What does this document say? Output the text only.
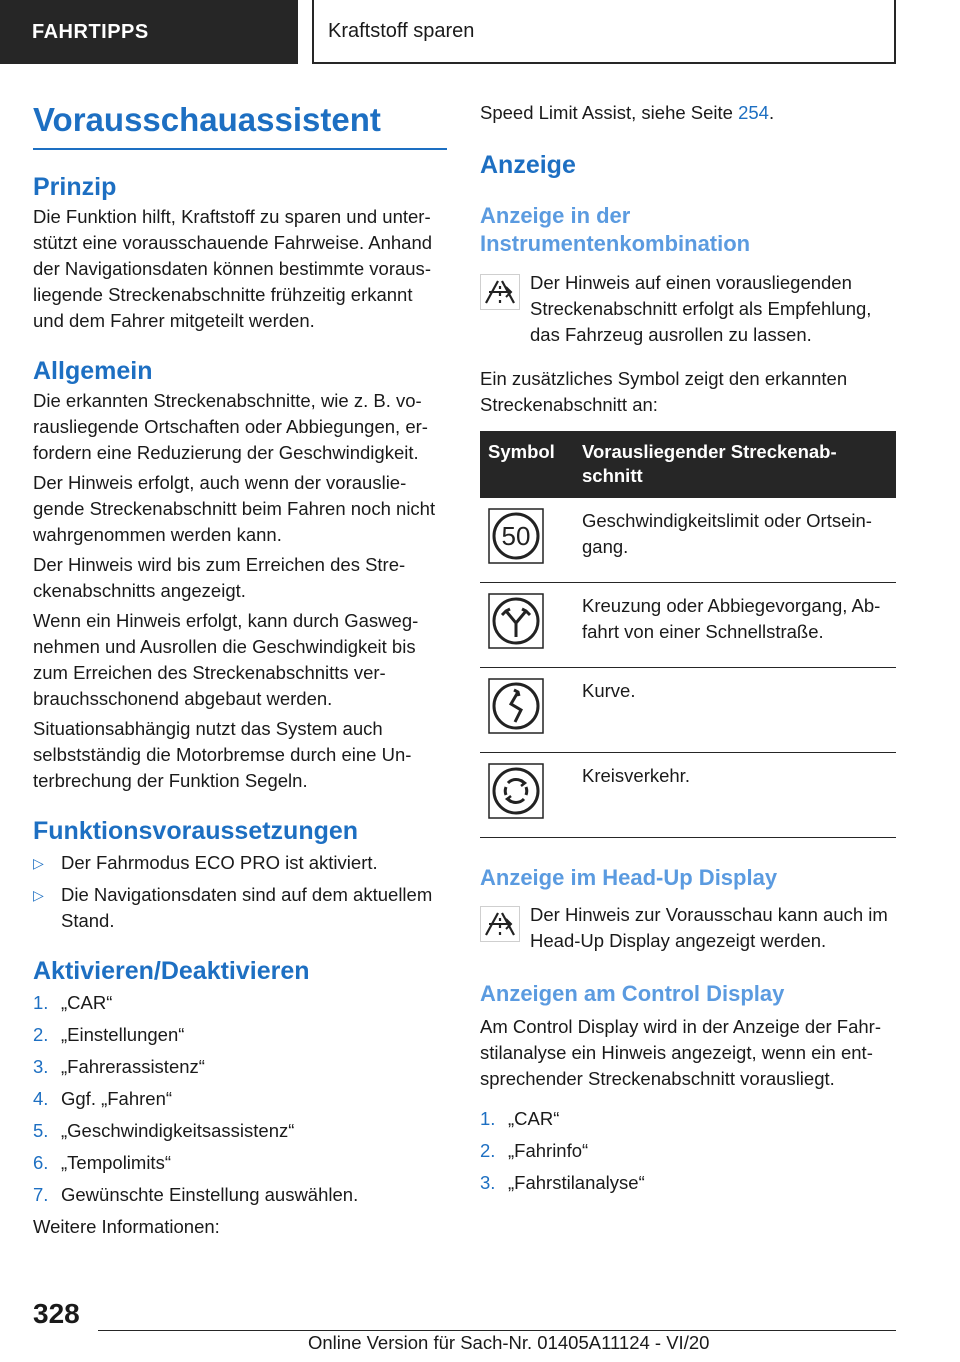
FAHRTIPPS	Kraftstoff sparen
Vorausschauassistent
Prinzip

Die Funktion hilft, Kraftstoff zu sparen und unterstützt eine vorausschauende Fahrweise. Anhand der Navigationsdaten können bestimmte vorausliegende Streckenabschnitte frühzeitig erkannt und dem Fahrer mitgeteilt werden.

Allgemein

Die erkannten Streckenabschnitte, wie z. B. vorausliegende Ortschaften oder Abbiegungen, erfordern eine Reduzierung der Geschwindigkeit.

Der Hinweis erfolgt, auch wenn der vorausliegende Streckenabschnitt beim Fahren noch nicht wahrgenommen werden kann.

Der Hinweis wird bis zum Erreichen des Streckenabschnitts angezeigt.

Wenn ein Hinweis erfolgt, kann durch Gaswegnehmen und Ausrollen die Geschwindigkeit bis zum Erreichen des Streckenabschnitts verbrauchsschonend abgebaut werden.

Situationsabhängig nutzt das System auch selbstständig die Motorbremse durch eine Unterbrechung der Funktion Segeln.

Funktionsvoraussetzungen
▷ Der Fahrmodus ECO PRO ist aktiviert.
▷ Die Navigationsdaten sind auf dem aktuellem Stand.
Aktivieren/Deaktivieren
1. „CAR“
2. „Einstellungen“
3. „Fahrerassistenz“
4. Ggf. „Fahren“
5. „Geschwindigkeitsassistenz“
6. „Tempolimits“
7. Gewünschte Einstellung auswählen.

Weitere Informationen:

Speed Limit Assist, siehe Seite 254.

Anzeige
Anzeige in der Instrumentenkombination

Der Hinweis auf einen vorausliegenden Streckenabschnitt erfolgt als Empfehlung, das Fahrzeug ausrollen zu lassen.

Ein zusätzliches Symbol zeigt den erkannten Streckenabschnitt an:

Symbol	Vorausliegender Streckenabschnitt

50	Geschwindigkeitslimit oder Ortseingang.

	Kreuzung oder Abbiegevorgang, Abfahrt von einer Schnellstraße.

	Kurve.

	Kreisverkehr.
Anzeige im Head-Up Display

Der Hinweis zur Vorausschau kann auch im Head-Up Display angezeigt werden.

Anzeigen am Control Display

Am Control Display wird in der Anzeige der Fahrstilanalyse ein Hinweis angezeigt, wenn ein entsprechender Streckenabschnitt vorausliegt.

1. „CAR“
2. „Fahrinfo“
3. „Fahrstilanalyse“
328
Online Version für Sach-Nr. 01405A11124 - VI/20
